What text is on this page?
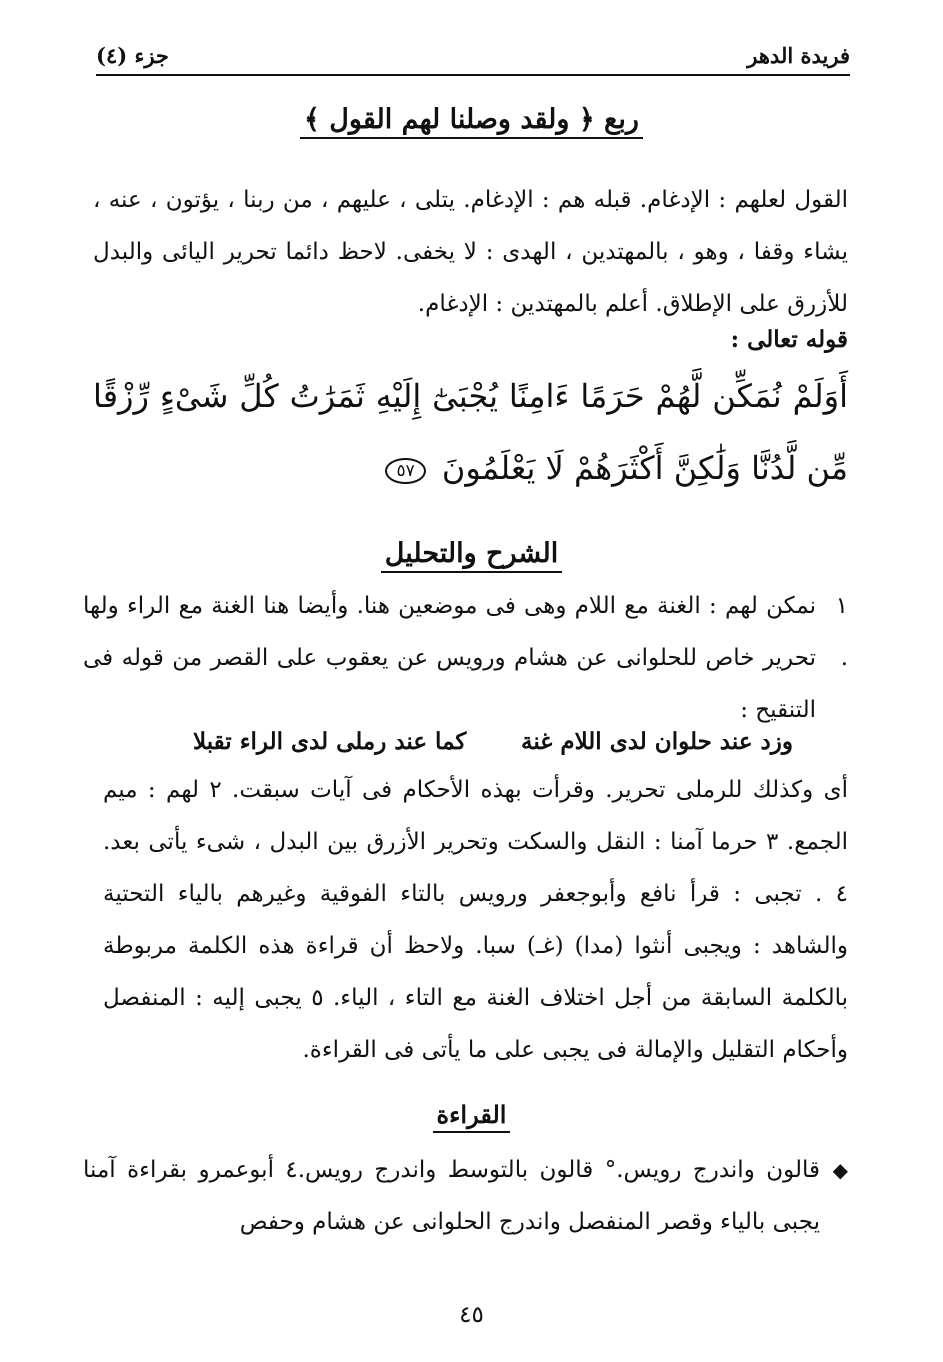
فريدة الدهر
جزء (٤)
ربع ﴿ ولقد وصلنا لهم القول ﴾
القول لعلهم : الإدغام. قبله هم : الإدغام. يتلى ، عليهم ، من ربنا ، يؤتون ، عنه ، يشاء وقفا ، وهو ، بالمهتدين ، الهدى : لا يخفى. لاحظ دائما تحرير اليائى والبدل للأزرق على الإطلاق. أعلم بالمهتدين : الإدغام.
قوله تعالى :
أَوَلَمْ نُمَكِّن لَّهُمْ حَرَمًا ءَامِنًا يُجْبَىٰٓ إِلَيْهِ ثَمَرَٰتُ كُلِّ شَىْءٍ رِّزْقًا مِّن لَّدُنَّا وَلَٰكِنَّ أَكْثَرَهُمْ لَا يَعْلَمُونَ ٥٧
الشرح والتحليل
١ .
نمكن لهم : الغنة مع اللام وهى فى موضعين هنا. وأيضا هنا الغنة مع الراء ولها تحرير خاص للحلوانى عن هشام ورويس عن يعقوب على القصر من قوله فى التنقيح :
وزد عند حلوان لدى اللام غنة
كما عند رملى لدى الراء تقبلا
أى وكذلك للرملى تحرير. وقرأت بهذه الأحكام فى آيات سبقت. ٢ لهم : ميم الجمع. ٣ حرما آمنا : النقل والسكت وتحرير الأزرق بين البدل ، شىء يأتى بعد. ٤ . تجبى : قرأ نافع وأبوجعفر ورويس بالتاء الفوقية وغيرهم بالياء التحتية والشاهد : ويجبى أنثوا (مدا) (غـ) سبا. ولاحظ أن قراءة هذه الكلمة مربوطة بالكلمة السابقة من أجل اختلاف الغنة مع التاء ، الياء. ٥ يجبى إليه : المنفصل وأحكام التقليل والإمالة فى يجبى على ما يأتى فى القراءة.
القراءة
◆
قالون واندرج رويس.° قالون بالتوسط واندرج رويس.٤ أبوعمرو بقراءة آمنا يجبى بالياء وقصر المنفصل واندرج الحلوانى عن هشام وحفص
٤٥
